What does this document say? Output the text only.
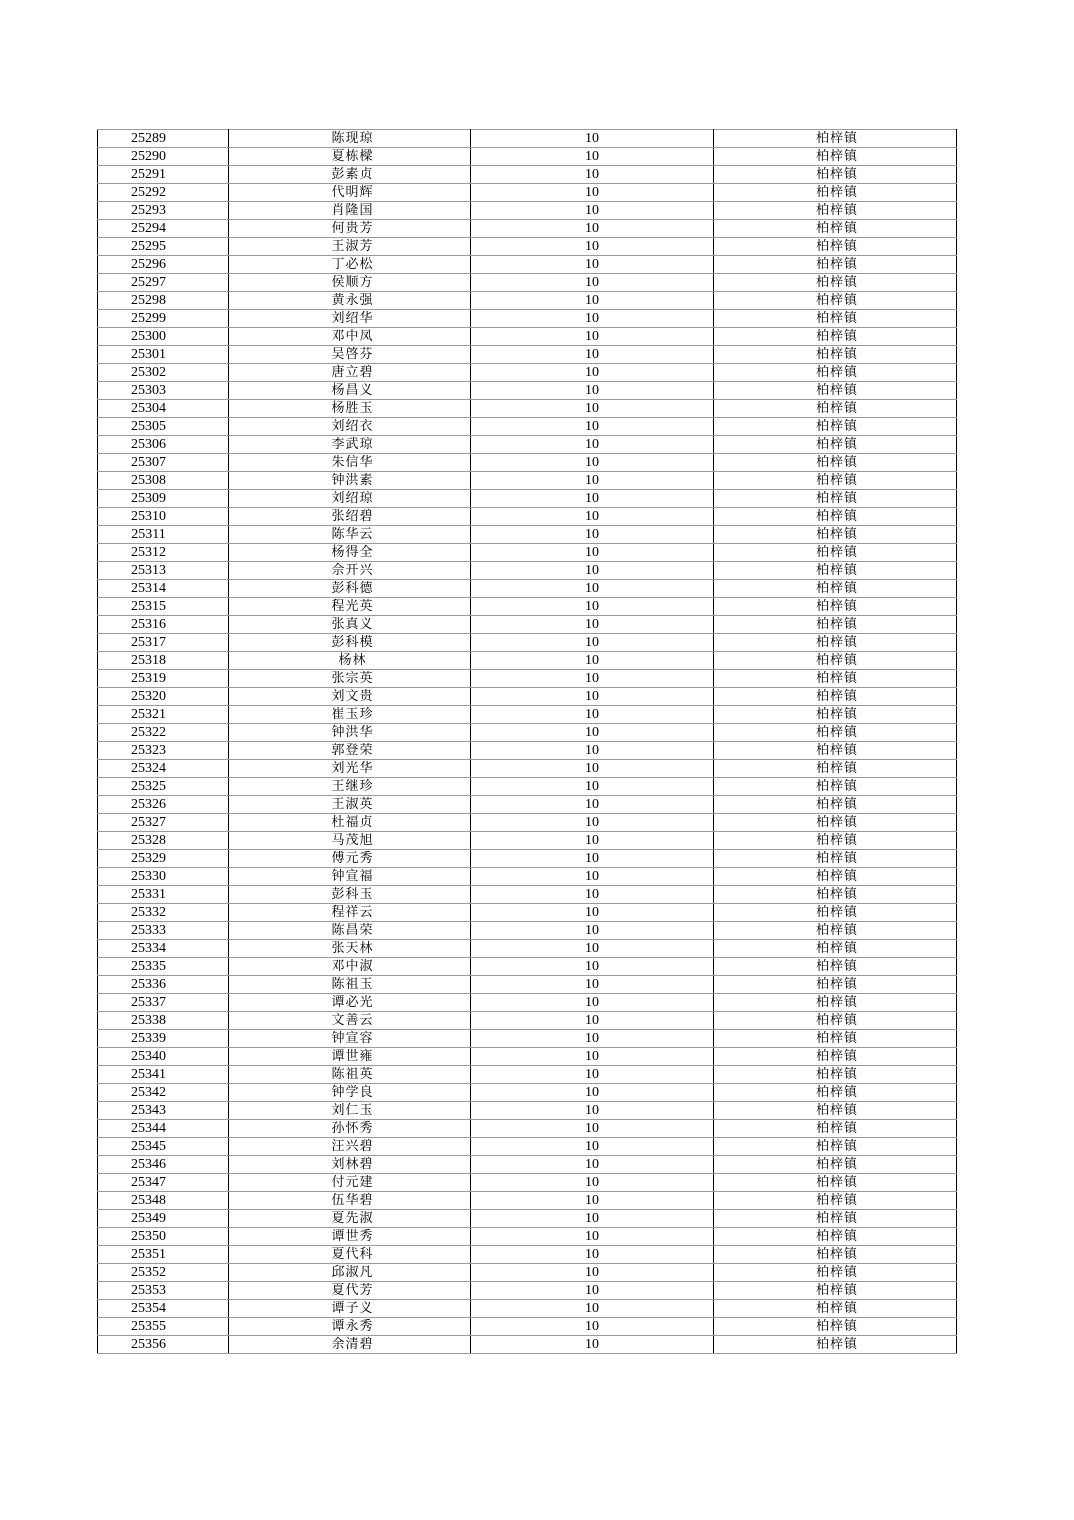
25289	陈现琼	10	柏梓镇
25290	夏栋樑	10	柏梓镇
25291	彭素贞	10	柏梓镇
25292	代明辉	10	柏梓镇
25293	肖隆国	10	柏梓镇
25294	何贵芳	10	柏梓镇
25295	王淑芳	10	柏梓镇
25296	丁必松	10	柏梓镇
25297	侯顺方	10	柏梓镇
25298	黄永强	10	柏梓镇
25299	刘绍华	10	柏梓镇
25300	邓中凤	10	柏梓镇
25301	吴啓芬	10	柏梓镇
25302	唐立碧	10	柏梓镇
25303	杨昌义	10	柏梓镇
25304	杨胜玉	10	柏梓镇
25305	刘绍衣	10	柏梓镇
25306	李武琼	10	柏梓镇
25307	朱信华	10	柏梓镇
25308	钟洪素	10	柏梓镇
25309	刘绍琼	10	柏梓镇
25310	张绍碧	10	柏梓镇
25311	陈华云	10	柏梓镇
25312	杨得全	10	柏梓镇
25313	佘开兴	10	柏梓镇
25314	彭科德	10	柏梓镇
25315	程光英	10	柏梓镇
25316	张真义	10	柏梓镇
25317	彭科模	10	柏梓镇
25318	杨林	10	柏梓镇
25319	张宗英	10	柏梓镇
25320	刘文贵	10	柏梓镇
25321	崔玉珍	10	柏梓镇
25322	钟洪华	10	柏梓镇
25323	郭登荣	10	柏梓镇
25324	刘光华	10	柏梓镇
25325	王继珍	10	柏梓镇
25326	王淑英	10	柏梓镇
25327	杜福贞	10	柏梓镇
25328	马茂旭	10	柏梓镇
25329	傅元秀	10	柏梓镇
25330	钟宣福	10	柏梓镇
25331	彭科玉	10	柏梓镇
25332	程祥云	10	柏梓镇
25333	陈昌荣	10	柏梓镇
25334	张天林	10	柏梓镇
25335	邓中淑	10	柏梓镇
25336	陈祖玉	10	柏梓镇
25337	谭必光	10	柏梓镇
25338	文善云	10	柏梓镇
25339	钟宣容	10	柏梓镇
25340	谭世雍	10	柏梓镇
25341	陈祖英	10	柏梓镇
25342	钟学良	10	柏梓镇
25343	刘仁玉	10	柏梓镇
25344	孙怀秀	10	柏梓镇
25345	汪兴碧	10	柏梓镇
25346	刘林碧	10	柏梓镇
25347	付元建	10	柏梓镇
25348	伍华碧	10	柏梓镇
25349	夏先淑	10	柏梓镇
25350	谭世秀	10	柏梓镇
25351	夏代科	10	柏梓镇
25352	邱淑凡	10	柏梓镇
25353	夏代芳	10	柏梓镇
25354	谭子义	10	柏梓镇
25355	谭永秀	10	柏梓镇
25356	余清碧	10	柏梓镇
